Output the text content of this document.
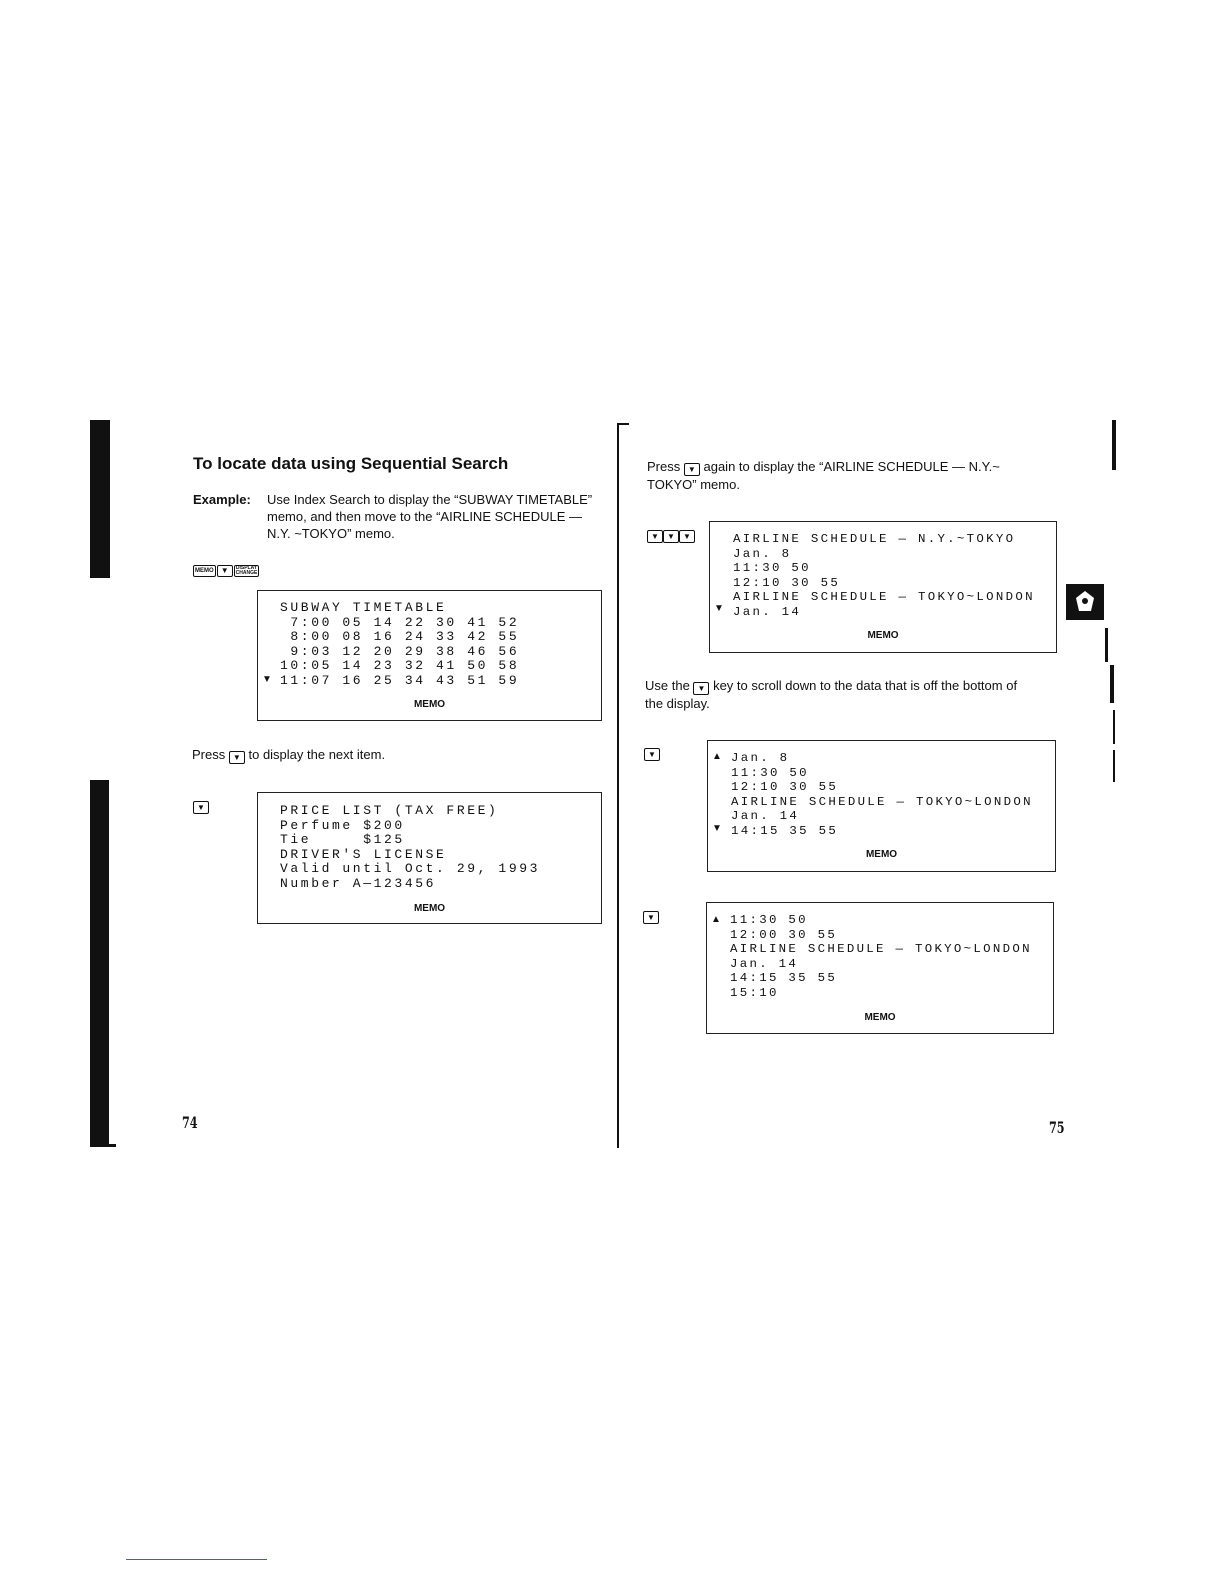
To locate data using Sequential Search
Example: Use Index Search to display the “SUBWAY TIMETABLE”
memo, and then move to the “AIRLINE SCHEDULE —
N.Y. ~TOKYO” memo.
MEMO ▼ DISPLAY
CHANGE
SUBWAY TIMETABLE
7:00 05 14 22 30 41 52
8:00 08 16 24 33 42 55
9:03 12 20 29 38 46 56
10:05 14 23 32 41 50 58
11:07 16 25 34 43 51 59
▼
MEMO
Press ▼ to display the next item.
▼	PRICE LIST (TAX FREE)
Perfume $200
Tie     $125
DRIVER'S LICENSE
Valid until Oct. 29, 1993
Number A—123456
MEMO
74
Press ▼ again to display the “AIRLINE SCHEDULE — N.Y.~
TOKYO” memo.
▼ ▼ ▼	AIRLINE SCHEDULE — N.Y.~TOKYO
Jan. 8
11:30 50
12:10 30 55
AIRLINE SCHEDULE — TOKYO~LONDON
Jan. 14
▼
MEMO
Use the ▼ key to scroll down to the data that is off the bottom of
the display.
▼	Jan. 8
11:30 50
12:10 30 55
AIRLINE SCHEDULE — TOKYO~LONDON
Jan. 14
14:15 35 55
▲
▼
MEMO
▼	11:30 50
12:00 30 55
AIRLINE SCHEDULE — TOKYO~LONDON
Jan. 14
14:15 35 55
15:10
▲
MEMO
75
